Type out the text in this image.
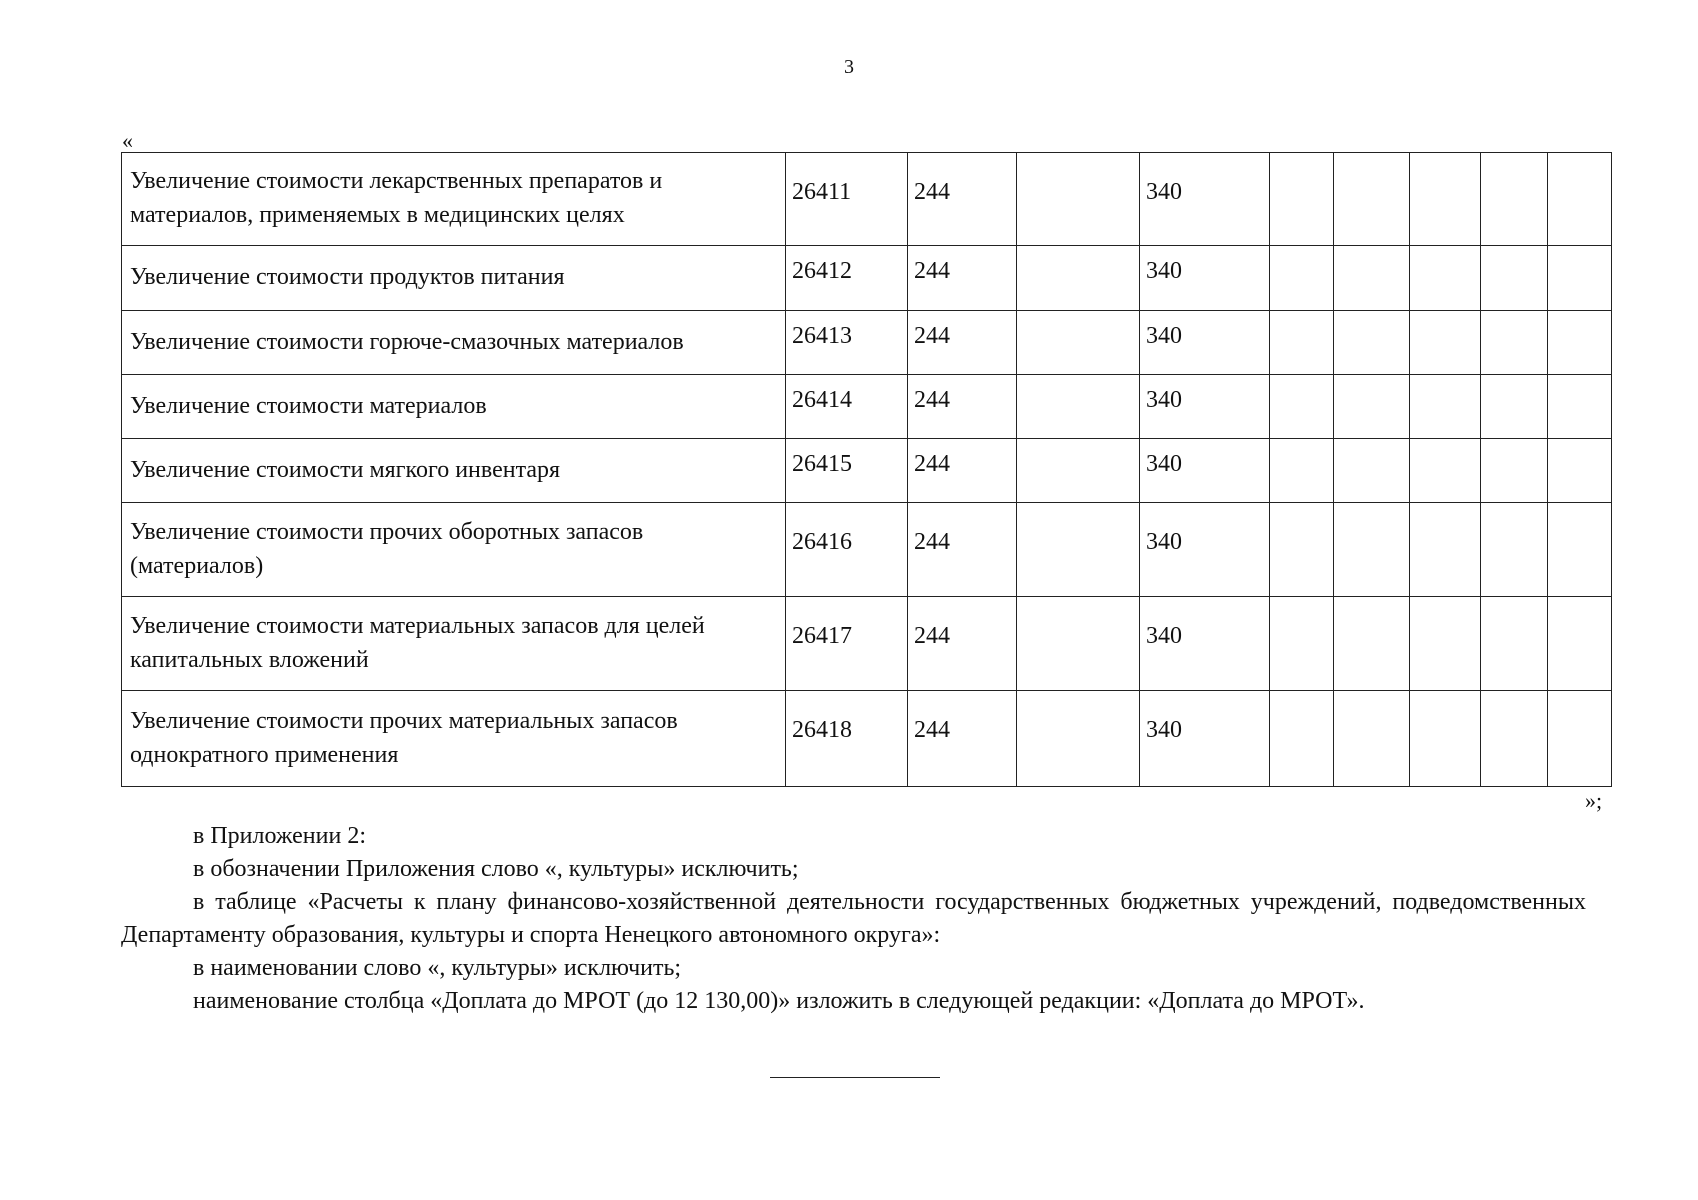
3
«
Увеличение стоимости лекарственных препаратов и материалов, применяемых в медицинских целях	26411	244		340					
Увеличение стоимости продуктов питания	26412	244		340					
Увеличение стоимости горюче-смазочных материалов	26413	244		340					
Увеличение стоимости материалов	26414	244		340					
Увеличение стоимости мягкого инвентаря	26415	244		340					
Увеличение стоимости прочих оборотных запасов (материалов)	26416	244		340					
Увеличение стоимости материальных запасов для целей капитальных вложений	26417	244		340					
Увеличение стоимости прочих материальных запасов однократного применения	26418	244		340					
»;

в Приложении 2:

в обозначении Приложения слово «, культуры» исключить;

в таблице «Расчеты к плану финансово-хозяйственной деятельности государственных бюджетных учреждений, подведомственных Департаменту образования, культуры и спорта Ненецкого автономного округа»:

в наименовании слово «, культуры» исключить;

наименование столбца «Доплата до МРОТ (до 12 130,00)» изложить в следующей редакции: «Доплата до МРОТ».
